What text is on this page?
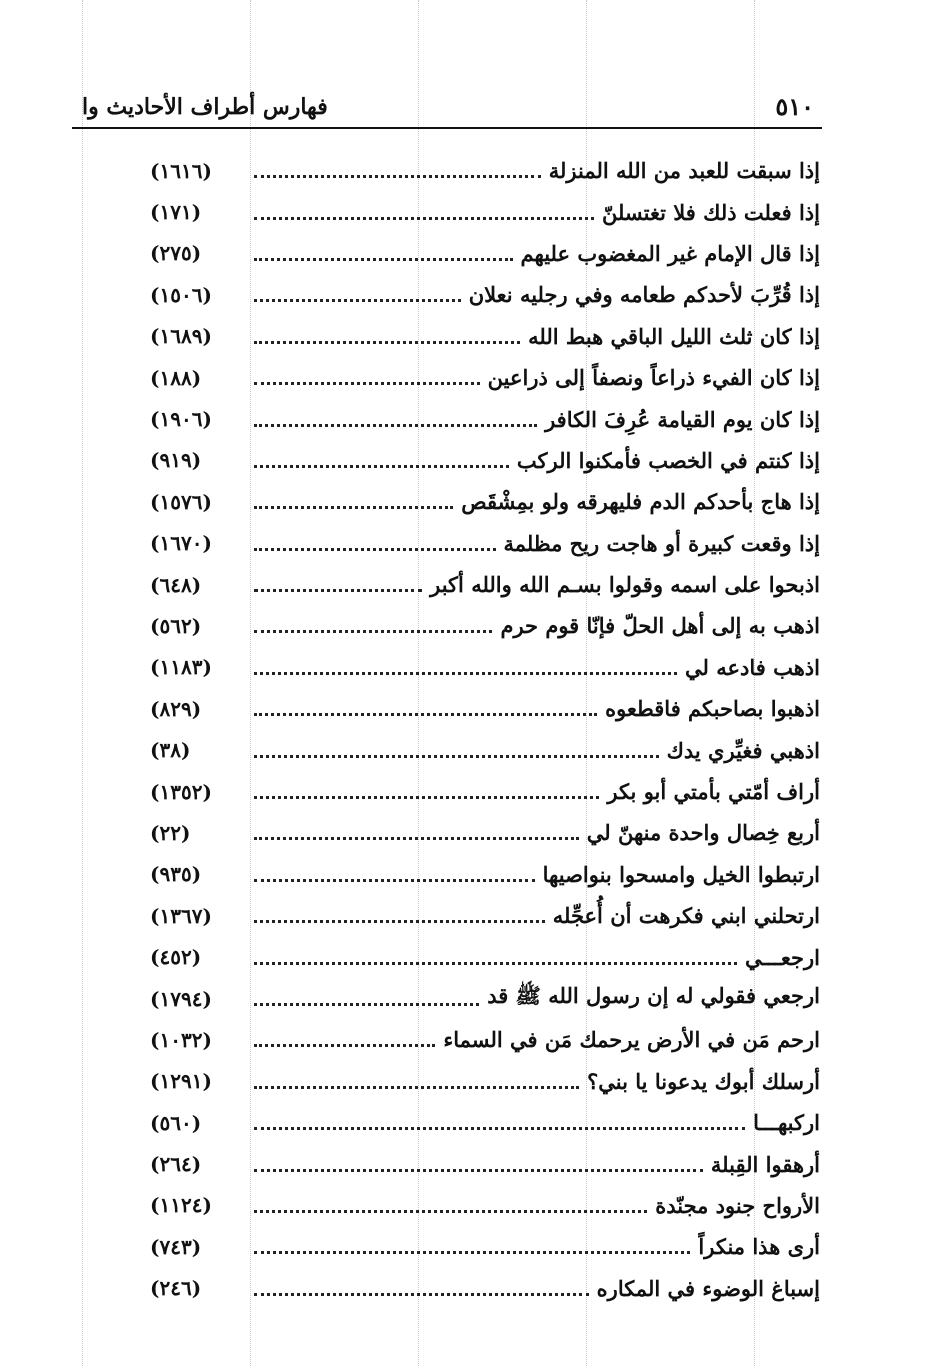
فهارس أطراف الأحاديث وا	٥١٠
إذا سبقت للعبد من الله المنزلة
(١٦١٦)
إذا فعلت ذلك فلا تغتسلنّ
(١٧١)
إذا قال الإمام غير المغضوب عليهم
(٢٧٥)
إذا قُرِّبَ لأحدكم طعامه وفي رجليه نعلان
(١٥٠٦)
إذا كان ثلث الليل الباقي هبط الله
(١٦٨٩)
إذا كان الفيء ذراعاً ونصفاً إلى ذراعين
(١٨٨)
إذا كان يوم القيامة عُرِفَ الكافر
(١٩٠٦)
إذا كنتم في الخصب فأمكنوا الركب
(٩١٩)
إذا هاج بأحدكم الدم فليهرقه ولو بمِشْقَص
(١٥٧٦)
إذا وقعت كبيرة أو هاجت ريح مظلمة
(١٦٧٠)
اذبحوا على اسمه وقولوا بسـم الله والله أكبر
(٦٤٨)
اذهب به إلى أهل الحلّ فإنّا قوم حرم
(٥٦٢)
اذهب فادعه لي
(١١٨٣)
اذهبوا بصاحبكم فاقطعوه
(٨٢٩)
اذهبي فغيِّري يدك
(٣٨)
أراف أمّتي بأمتي أبو بكر
(١٣٥٢)
أربع خِصال واحدة منهنّ لي
(٢٢)
ارتبطوا الخيل وامسحوا بنواصيها
(٩٣٥)
ارتحلني ابني فكرهت أن أُعجِّله
(١٣٦٧)
ارجعـــي
(٤٥٢)
ارجعي فقولي له إن رسول الله ﷺ قد
(١٧٩٤)
ارحم مَن في الأرض يرحمك مَن في السماء
(١٠٣٢)
أرسلك أبوك يدعونا يا بني؟
(١٢٩١)
اركبهـــا
(٥٦٠)
أرهقوا القِبلة
(٢٦٤)
الأرواح جنود مجنّدة
(١١٢٤)
أرى هذا منكراً
(٧٤٣)
إسباغ الوضوء في المكاره
(٢٤٦)
